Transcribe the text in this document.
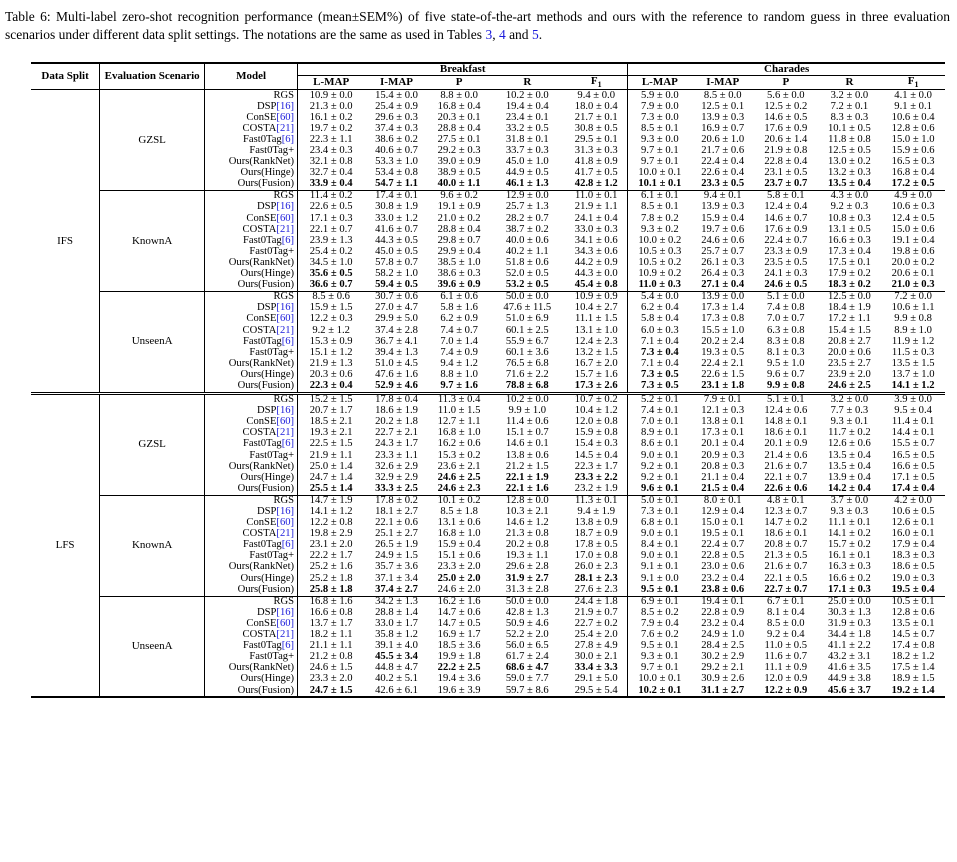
Table 6: Multi-label zero-shot recognition performance (mean±SEM%) of five state-of-the-art methods and ours with the reference to random guess in three evaluation scenarios under different data split settings. The notations are the same as used in Tables 3, 4 and 5.
Data Split	Evaluation Scenario	Model	Breakfast					Charades				
			L-MAP	I-MAP	P	R	$F_1$	L-MAP	I-MAP	P	R	$F_1$
IFS	GZSL	RGS	10.9 ± 0.0	15.4 ± 0.0	8.8 ± 0.0	10.2 ± 0.0	9.4 ± 0.0	5.9 ± 0.0	8.5 ± 0.0	5.6 ± 0.0	3.2 ± 0.0	4.1 ± 0.0
		DSP[16]	21.3 ± 0.0	25.4 ± 0.9	16.8 ± 0.4	19.4 ± 0.4	18.0 ± 0.4	7.9 ± 0.0	12.5 ± 0.1	12.5 ± 0.2	7.2 ± 0.1	9.1 ± 0.1
		ConSE[60]	16.1 ± 0.2	29.6 ± 0.3	20.3 ± 0.1	23.4 ± 0.1	21.7 ± 0.1	7.3 ± 0.0	13.9 ± 0.3	14.6 ± 0.5	8.3 ± 0.3	10.6 ± 0.4
		COSTA[21]	19.7 ± 0.2	37.4 ± 0.3	28.8 ± 0.4	33.2 ± 0.5	30.8 ± 0.5	8.5 ± 0.1	16.9 ± 0.7	17.6 ± 0.9	10.1 ± 0.5	12.8 ± 0.6
		Fast0Tag[6]	22.3 ± 1.1	38.6 ± 0.2	27.5 ± 0.1	31.8 ± 0.1	29.5 ± 0.1	9.3 ± 0.0	20.6 ± 1.0	20.6 ± 1.4	11.8 ± 0.8	15.0 ± 1.0
		Fast0Tag+	23.4 ± 0.3	40.6 ± 0.7	29.2 ± 0.3	33.7 ± 0.3	31.3 ± 0.3	9.7 ± 0.1	21.7 ± 0.6	21.9 ± 0.8	12.5 ± 0.5	15.9 ± 0.6
		Ours(RankNet)	32.1 ± 0.8	53.3 ± 1.0	39.0 ± 0.9	45.0 ± 1.0	41.8 ± 0.9	9.7 ± 0.1	22.4 ± 0.4	22.8 ± 0.4	13.0 ± 0.2	16.5 ± 0.3
		Ours(Hinge)	32.7 ± 0.4	53.4 ± 0.8	38.9 ± 0.5	44.9 ± 0.5	41.7 ± 0.5	10.0 ± 0.1	22.6 ± 0.4	23.1 ± 0.5	13.2 ± 0.3	16.8 ± 0.4
		Ours(Fusion)	33.9 ± 0.4	54.7 ± 1.1	40.0 ± 1.1	46.1 ± 1.3	42.8 ± 1.2	10.1 ± 0.1	23.3 ± 0.5	23.7 ± 0.7	13.5 ± 0.4	17.2 ± 0.5
	KnownA	RGS	11.4 ± 0.2	17.4 ± 0.1	9.6 ± 0.2	12.9 ± 0.0	11.0 ± 0.1	6.1 ± 0.1	9.4 ± 0.1	5.8 ± 0.1	4.3 ± 0.0	4.9 ± 0.0
		DSP[16]	22.6 ± 0.5	30.8 ± 1.9	19.1 ± 0.9	25.7 ± 1.3	21.9 ± 1.1	8.5 ± 0.1	13.9 ± 0.3	12.4 ± 0.4	9.2 ± 0.3	10.6 ± 0.3
		ConSE[60]	17.1 ± 0.3	33.0 ± 1.2	21.0 ± 0.2	28.2 ± 0.7	24.1 ± 0.4	7.8 ± 0.2	15.9 ± 0.4	14.6 ± 0.7	10.8 ± 0.3	12.4 ± 0.5
		COSTA[21]	22.1 ± 0.7	41.6 ± 0.7	28.8 ± 0.4	38.7 ± 0.2	33.0 ± 0.3	9.3 ± 0.2	19.7 ± 0.6	17.6 ± 0.9	13.1 ± 0.5	15.0 ± 0.6
		Fast0Tag[6]	23.9 ± 1.3	44.3 ± 0.5	29.8 ± 0.7	40.0 ± 0.6	34.1 ± 0.6	10.0 ± 0.2	24.6 ± 0.6	22.4 ± 0.7	16.6 ± 0.3	19.1 ± 0.4
		Fast0Tag+	25.4 ± 0.2	45.0 ± 0.5	29.9 ± 0.4	40.2 ± 1.1	34.3 ± 0.6	10.5 ± 0.3	25.7 ± 0.7	23.3 ± 0.9	17.3 ± 0.4	19.8 ± 0.6
		Ours(RankNet)	34.5 ± 1.0	57.8 ± 0.7	38.5 ± 1.0	51.8 ± 0.6	44.2 ± 0.9	10.5 ± 0.2	26.1 ± 0.3	23.5 ± 0.5	17.5 ± 0.1	20.0 ± 0.2
		Ours(Hinge)	35.6 ± 0.5	58.2 ± 1.0	38.6 ± 0.3	52.0 ± 0.5	44.3 ± 0.0	10.9 ± 0.2	26.4 ± 0.3	24.1 ± 0.3	17.9 ± 0.2	20.6 ± 0.1
		Ours(Fusion)	36.6 ± 0.7	59.4 ± 0.5	39.6 ± 0.9	53.2 ± 0.5	45.4 ± 0.8	11.0 ± 0.3	27.1 ± 0.4	24.6 ± 0.5	18.3 ± 0.2	21.0 ± 0.3
	UnseenA	RGS	8.5 ± 0.6	30.7 ± 0.6	6.1 ± 0.6	50.0 ± 0.0	10.9 ± 0.9	5.4 ± 0.0	13.9 ± 0.0	5.1 ± 0.0	12.5 ± 0.0	7.2 ± 0.0
		DSP[16]	15.9 ± 1.5	27.0 ± 4.7	5.8 ± 1.6	47.6 ± 11.5	10.4 ± 2.7	6.2 ± 0.4	17.3 ± 1.4	7.4 ± 0.8	18.4 ± 1.9	10.6 ± 1.1
		ConSE[60]	12.2 ± 0.3	29.9 ± 5.0	6.2 ± 0.9	51.0 ± 6.9	11.1 ± 1.5	5.8 ± 0.4	17.3 ± 0.8	7.0 ± 0.7	17.2 ± 1.1	9.9 ± 0.8
		COSTA[21]	9.2 ± 1.2	37.4 ± 2.8	7.4 ± 0.7	60.1 ± 2.5	13.1 ± 1.0	6.0 ± 0.3	15.5 ± 1.0	6.3 ± 0.8	15.4 ± 1.5	8.9 ± 1.0
		Fast0Tag[6]	15.3 ± 0.9	36.7 ± 4.1	7.0 ± 1.4	55.9 ± 6.7	12.4 ± 2.3	7.1 ± 0.4	20.2 ± 2.4	8.3 ± 0.8	20.8 ± 2.7	11.9 ± 1.2
		Fast0Tag+	15.1 ± 1.2	39.4 ± 1.3	7.4 ± 0.9	60.1 ± 3.6	13.2 ± 1.5	7.3 ± 0.4	19.3 ± 0.5	8.1 ± 0.3	20.0 ± 0.6	11.5 ± 0.3
		Ours(RankNet)	21.9 ± 1.3	51.0 ± 4.5	9.4 ± 1.2	76.5 ± 6.8	16.7 ± 2.0	7.1 ± 0.4	22.4 ± 2.1	9.5 ± 1.0	23.5 ± 2.7	13.5 ± 1.5
		Ours(Hinge)	20.3 ± 0.6	47.6 ± 1.6	8.8 ± 1.0	71.6 ± 2.2	15.7 ± 1.6	7.3 ± 0.5	22.6 ± 1.5	9.6 ± 0.7	23.9 ± 2.0	13.7 ± 1.0
		Ours(Fusion)	22.3 ± 0.4	52.9 ± 4.6	9.7 ± 1.6	78.8 ± 6.8	17.3 ± 2.6	7.3 ± 0.5	23.1 ± 1.8	9.9 ± 0.8	24.6 ± 2.5	14.1 ± 1.2
LFS	GZSL	RGS	15.2 ± 1.5	17.8 ± 0.4	11.3 ± 0.4	10.2 ± 0.0	10.7 ± 0.2	5.2 ± 0.1	7.9 ± 0.1	5.1 ± 0.1	3.2 ± 0.0	3.9 ± 0.0
		DSP[16]	20.7 ± 1.7	18.6 ± 1.9	11.0 ± 1.5	9.9 ± 1.0	10.4 ± 1.2	7.4 ± 0.1	12.1 ± 0.3	12.4 ± 0.6	7.7 ± 0.3	9.5 ± 0.4
		ConSE[60]	18.5 ± 2.1	20.2 ± 1.8	12.7 ± 1.1	11.4 ± 0.6	12.0 ± 0.8	7.0 ± 0.1	13.8 ± 0.1	14.8 ± 0.1	9.3 ± 0.1	11.4 ± 0.1
		COSTA[21]	19.3 ± 2.1	22.7 ± 2.1	16.8 ± 1.0	15.1 ± 0.7	15.9 ± 0.8	8.9 ± 0.1	17.3 ± 0.1	18.6 ± 0.1	11.7 ± 0.2	14.4 ± 0.1
		Fast0Tag[6]	22.5 ± 1.5	24.3 ± 1.7	16.2 ± 0.6	14.6 ± 0.1	15.4 ± 0.3	8.6 ± 0.1	20.1 ± 0.4	20.1 ± 0.9	12.6 ± 0.6	15.5 ± 0.7
		Fast0Tag+	21.9 ± 1.1	23.3 ± 1.1	15.3 ± 0.2	13.8 ± 0.6	14.5 ± 0.4	9.0 ± 0.1	20.9 ± 0.3	21.4 ± 0.6	13.5 ± 0.4	16.5 ± 0.5
		Ours(RankNet)	25.0 ± 1.4	32.6 ± 2.9	23.6 ± 2.1	21.2 ± 1.5	22.3 ± 1.7	9.2 ± 0.1	20.8 ± 0.3	21.6 ± 0.7	13.5 ± 0.4	16.6 ± 0.5
		Ours(Hinge)	24.7 ± 1.4	32.9 ± 2.9	24.6 ± 2.5	22.1 ± 1.9	23.3 ± 2.2	9.2 ± 0.1	21.1 ± 0.4	22.1 ± 0.7	13.9 ± 0.4	17.1 ± 0.5
		Ours(Fusion)	25.5 ± 1.4	33.3 ± 2.5	24.6 ± 2.3	22.1 ± 1.6	23.2 ± 1.9	9.6 ± 0.1	21.5 ± 0.4	22.6 ± 0.6	14.2 ± 0.4	17.4 ± 0.4
	KnownA	RGS	14.7 ± 1.9	17.8 ± 0.2	10.1 ± 0.2	12.8 ± 0.0	11.3 ± 0.1	5.0 ± 0.1	8.0 ± 0.1	4.8 ± 0.1	3.7 ± 0.0	4.2 ± 0.0
		DSP[16]	14.1 ± 1.2	18.1 ± 2.7	8.5 ± 1.8	10.3 ± 2.1	9.4 ± 1.9	7.3 ± 0.1	12.9 ± 0.4	12.3 ± 0.7	9.3 ± 0.3	10.6 ± 0.5
		ConSE[60]	12.2 ± 0.8	22.1 ± 0.6	13.1 ± 0.6	14.6 ± 1.2	13.8 ± 0.9	6.8 ± 0.1	15.0 ± 0.1	14.7 ± 0.2	11.1 ± 0.1	12.6 ± 0.1
		COSTA[21]	19.8 ± 2.9	25.1 ± 2.7	16.8 ± 1.0	21.3 ± 0.8	18.7 ± 0.9	9.0 ± 0.1	19.5 ± 0.1	18.6 ± 0.1	14.1 ± 0.2	16.0 ± 0.1
		Fast0Tag[6]	23.1 ± 2.0	26.5 ± 1.9	15.9 ± 0.4	20.2 ± 0.8	17.8 ± 0.5	8.4 ± 0.1	22.4 ± 0.7	20.8 ± 0.7	15.7 ± 0.2	17.9 ± 0.4
		Fast0Tag+	22.2 ± 1.7	24.9 ± 1.5	15.1 ± 0.6	19.3 ± 1.1	17.0 ± 0.8	9.0 ± 0.1	22.8 ± 0.5	21.3 ± 0.5	16.1 ± 0.1	18.3 ± 0.3
		Ours(RankNet)	25.2 ± 1.6	35.7 ± 3.6	23.3 ± 2.0	29.6 ± 2.8	26.0 ± 2.3	9.1 ± 0.1	23.0 ± 0.6	21.6 ± 0.7	16.3 ± 0.3	18.6 ± 0.5
		Ours(Hinge)	25.2 ± 1.8	37.1 ± 3.4	25.0 ± 2.0	31.9 ± 2.7	28.1 ± 2.3	9.1 ± 0.0	23.2 ± 0.4	22.1 ± 0.5	16.6 ± 0.2	19.0 ± 0.3
		Ours(Fusion)	25.8 ± 1.8	37.4 ± 2.7	24.6 ± 2.0	31.3 ± 2.8	27.6 ± 2.3	9.5 ± 0.1	23.8 ± 0.6	22.7 ± 0.7	17.1 ± 0.3	19.5 ± 0.4
	UnseenA	RGS	16.8 ± 1.6	34.2 ± 1.3	16.2 ± 1.6	50.0 ± 0.0	24.4 ± 1.8	6.9 ± 0.1	19.4 ± 0.1	6.7 ± 0.1	25.0 ± 0.0	10.5 ± 0.1
		DSP[16]	16.6 ± 0.8	28.8 ± 1.4	14.7 ± 0.6	42.8 ± 1.3	21.9 ± 0.7	8.5 ± 0.2	22.8 ± 0.9	8.1 ± 0.4	30.3 ± 1.3	12.8 ± 0.6
		ConSE[60]	13.7 ± 1.7	33.0 ± 1.7	14.7 ± 0.5	50.9 ± 4.6	22.7 ± 0.2	7.9 ± 0.4	23.2 ± 0.4	8.5 ± 0.0	31.9 ± 0.3	13.5 ± 0.1
		COSTA[21]	18.2 ± 1.1	35.8 ± 1.2	16.9 ± 1.7	52.2 ± 2.0	25.4 ± 2.0	7.6 ± 0.2	24.9 ± 1.0	9.2 ± 0.4	34.4 ± 1.8	14.5 ± 0.7
		Fast0Tag[6]	21.1 ± 1.1	39.1 ± 4.0	18.5 ± 3.6	56.0 ± 6.5	27.8 ± 4.9	9.5 ± 0.1	28.4 ± 2.5	11.0 ± 0.5	41.1 ± 2.2	17.4 ± 0.8
		Fast0Tag+	21.2 ± 0.8	45.5 ± 3.4	19.9 ± 1.8	61.7 ± 2.4	30.0 ± 2.1	9.3 ± 0.1	30.2 ± 2.9	11.6 ± 0.7	43.2 ± 3.1	18.2 ± 1.2
		Ours(RankNet)	24.6 ± 1.5	44.8 ± 4.7	22.2 ± 2.5	68.6 ± 4.7	33.4 ± 3.3	9.7 ± 0.1	29.2 ± 2.1	11.1 ± 0.9	41.6 ± 3.5	17.5 ± 1.4
		Ours(Hinge)	23.3 ± 2.0	40.2 ± 5.1	19.4 ± 3.6	59.0 ± 7.7	29.1 ± 5.0	10.0 ± 0.1	30.9 ± 2.6	12.0 ± 0.9	44.9 ± 3.8	18.9 ± 1.5
		Ours(Fusion)	24.7 ± 1.5	42.6 ± 6.1	19.6 ± 3.9	59.7 ± 8.6	29.5 ± 5.4	10.2 ± 0.1	31.1 ± 2.7	12.2 ± 0.9	45.6 ± 3.7	19.2 ± 1.4
